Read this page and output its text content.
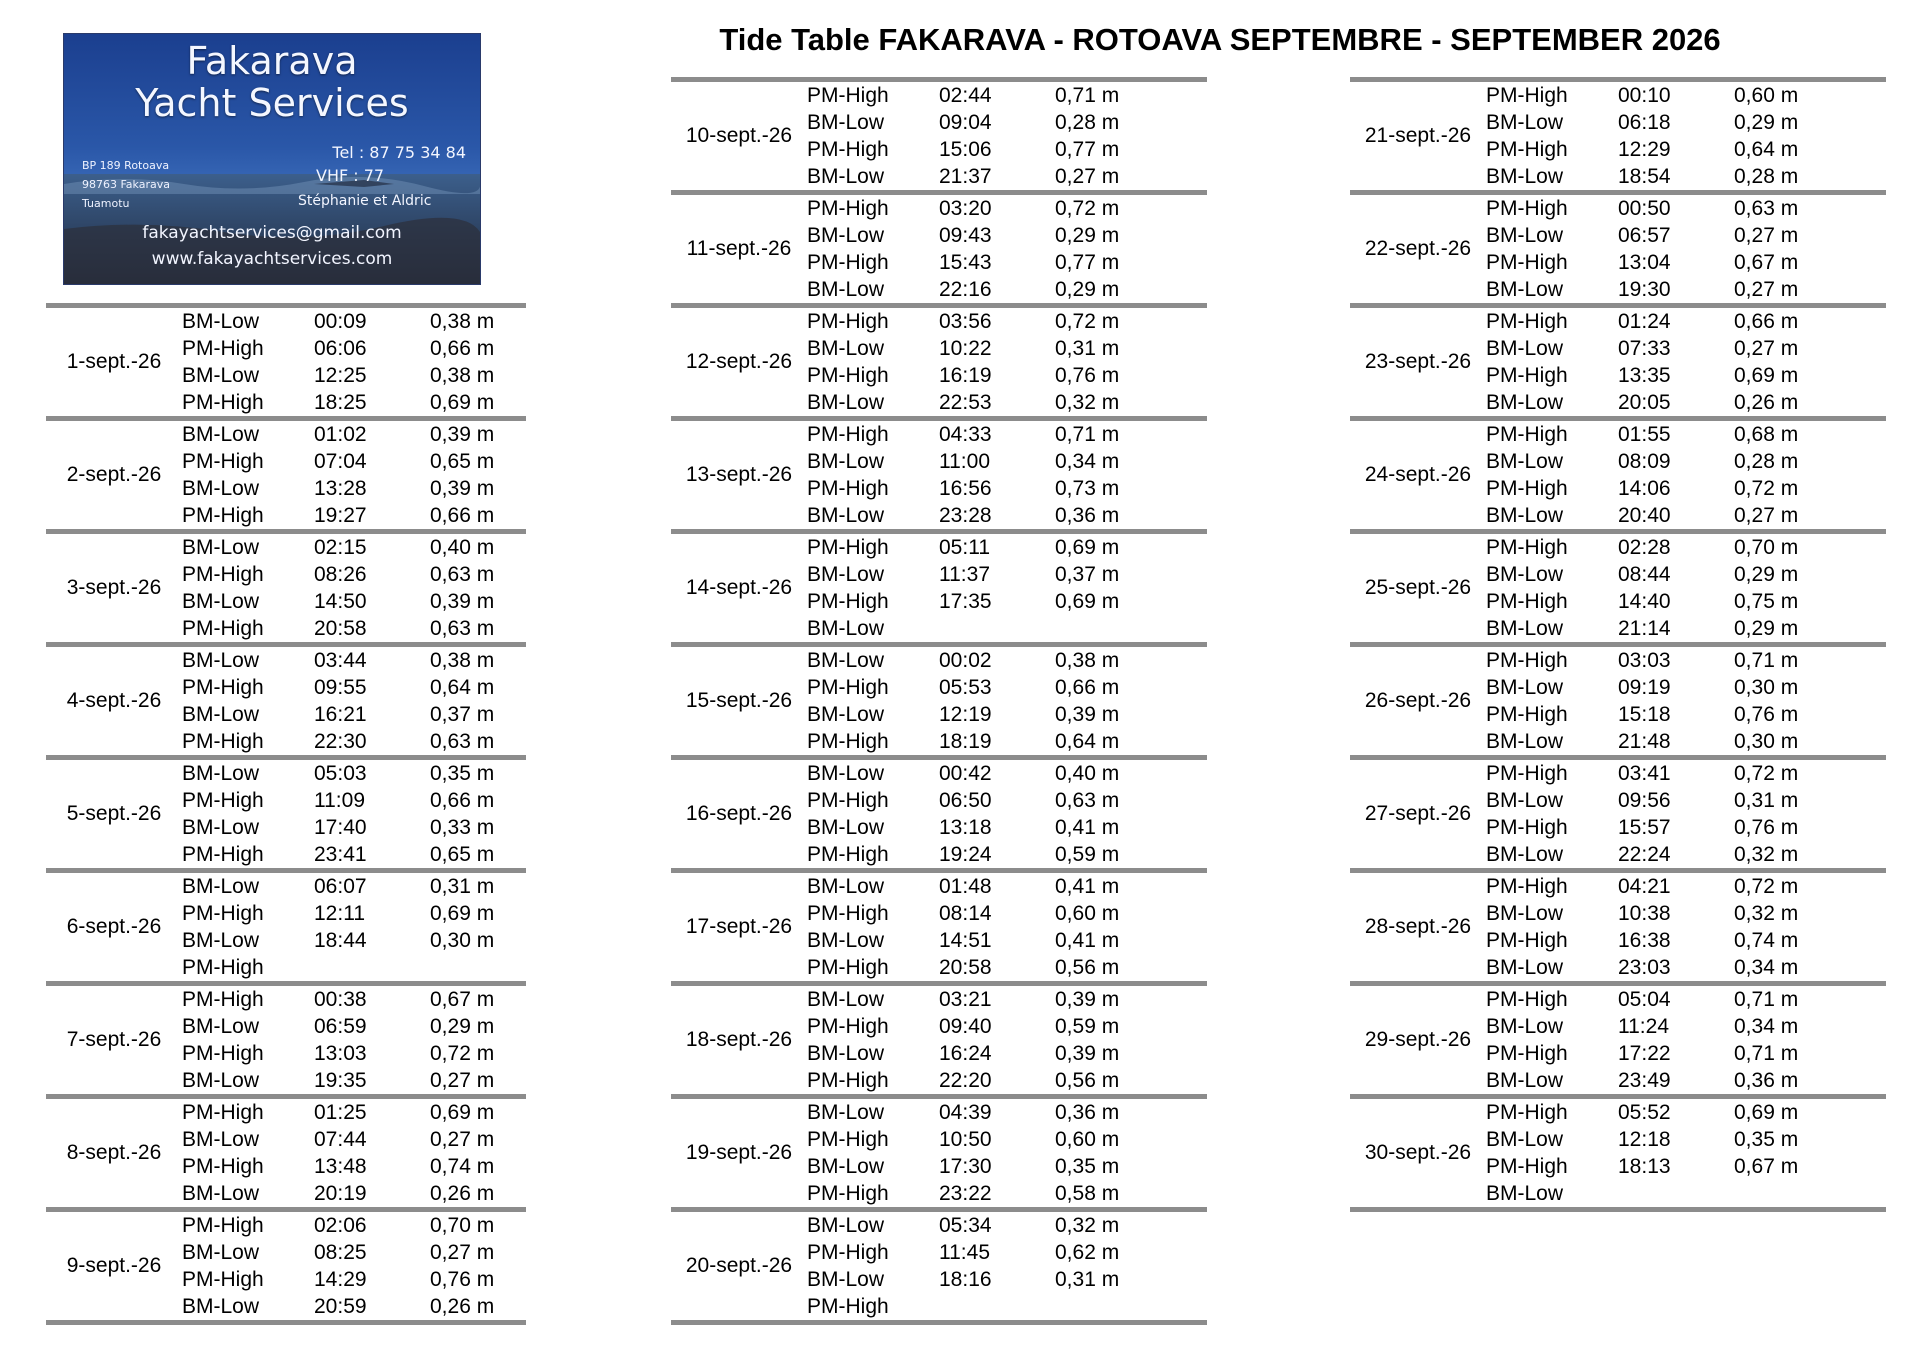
Tide Table FAKARAVA - ROTOAVA SEPTEMBRE - SEPTEMBER 2026
Fakarava
Yacht Services
BP 189 Rotoava
98763 Fakarava
Tuamotu
Tel : 87 75 34 84
VHF : 77
Stéphanie et Aldric
fakayachtservices@gmail.com
www.fakayachtservices.com
1-sept.-26
BM-Low	00:09	0,38 m
PM-High 06:06	0,66 m
BM-Low	12:25	0,38 m
PM-High 18:25	0,69 m
2-sept.-26
BM-Low	01:02	0,39 m
PM-High 07:04	0,65 m
BM-Low	13:28	0,39 m
PM-High 19:27	0,66 m
3-sept.-26
BM-Low	02:15	0,40 m
PM-High 08:26	0,63 m
BM-Low	14:50	0,39 m
PM-High 20:58	0,63 m
4-sept.-26
BM-Low	03:44	0,38 m
PM-High 09:55	0,64 m
BM-Low	16:21	0,37 m
PM-High 22:30	0,63 m
5-sept.-26
BM-Low	05:03	0,35 m
PM-High 11:09	0,66 m
BM-Low	17:40	0,33 m
PM-High 23:41	0,65 m
6-sept.-26
BM-Low	06:07	0,31 m
PM-High 12:11	0,69 m
BM-Low	18:44	0,30 m
PM-High
7-sept.-26
PM-High 00:38	0,67 m
BM-Low	06:59	0,29 m
PM-High 13:03	0,72 m
BM-Low	19:35	0,27 m
8-sept.-26
PM-High 01:25	0,69 m
BM-Low	07:44	0,27 m
PM-High 13:48	0,74 m
BM-Low	20:19	0,26 m
9-sept.-26
PM-High 02:06	0,70 m
BM-Low	08:25	0,27 m
PM-High 14:29	0,76 m
BM-Low	20:59	0,26 m
10-sept.-26
PM-High 02:44	0,71 m
BM-Low	09:04	0,28 m
PM-High 15:06	0,77 m
BM-Low	21:37	0,27 m
11-sept.-26
PM-High 03:20	0,72 m
BM-Low	09:43	0,29 m
PM-High 15:43	0,77 m
BM-Low	22:16	0,29 m
12-sept.-26
PM-High 03:56	0,72 m
BM-Low	10:22	0,31 m
PM-High 16:19	0,76 m
BM-Low	22:53	0,32 m
13-sept.-26
PM-High 04:33	0,71 m
BM-Low	11:00	0,34 m
PM-High 16:56	0,73 m
BM-Low	23:28	0,36 m
14-sept.-26
PM-High 05:11	0,69 m
BM-Low	11:37	0,37 m
PM-High 17:35	0,69 m
BM-Low
15-sept.-26
BM-Low	00:02	0,38 m
PM-High 05:53	0,66 m
BM-Low	12:19	0,39 m
PM-High 18:19	0,64 m
16-sept.-26
BM-Low	00:42	0,40 m
PM-High 06:50	0,63 m
BM-Low	13:18	0,41 m
PM-High 19:24	0,59 m
17-sept.-26
BM-Low	01:48	0,41 m
PM-High 08:14	0,60 m
BM-Low	14:51	0,41 m
PM-High 20:58	0,56 m
18-sept.-26
BM-Low	03:21	0,39 m
PM-High 09:40	0,59 m
BM-Low	16:24	0,39 m
PM-High 22:20	0,56 m
19-sept.-26
BM-Low	04:39	0,36 m
PM-High 10:50	0,60 m
BM-Low	17:30	0,35 m
PM-High 23:22	0,58 m
20-sept.-26
BM-Low	05:34	0,32 m
PM-High 11:45	0,62 m
BM-Low	18:16	0,31 m
PM-High
21-sept.-26
PM-High 00:10	0,60 m
BM-Low	06:18	0,29 m
PM-High 12:29	0,64 m
BM-Low	18:54	0,28 m
22-sept.-26
PM-High 00:50	0,63 m
BM-Low	06:57	0,27 m
PM-High 13:04	0,67 m
BM-Low	19:30	0,27 m
23-sept.-26
PM-High 01:24	0,66 m
BM-Low	07:33	0,27 m
PM-High 13:35	0,69 m
BM-Low	20:05	0,26 m
24-sept.-26
PM-High 01:55	0,68 m
BM-Low	08:09	0,28 m
PM-High 14:06	0,72 m
BM-Low	20:40	0,27 m
25-sept.-26
PM-High 02:28	0,70 m
BM-Low	08:44	0,29 m
PM-High 14:40	0,75 m
BM-Low	21:14	0,29 m
26-sept.-26
PM-High 03:03	0,71 m
BM-Low	09:19	0,30 m
PM-High 15:18	0,76 m
BM-Low	21:48	0,30 m
27-sept.-26
PM-High 03:41	0,72 m
BM-Low	09:56	0,31 m
PM-High 15:57	0,76 m
BM-Low	22:24	0,32 m
28-sept.-26
PM-High 04:21	0,72 m
BM-Low	10:38	0,32 m
PM-High 16:38	0,74 m
BM-Low	23:03	0,34 m
29-sept.-26
PM-High 05:04	0,71 m
BM-Low	11:24	0,34 m
PM-High 17:22	0,71 m
BM-Low	23:49	0,36 m
30-sept.-26
PM-High 05:52	0,69 m
BM-Low	12:18	0,35 m
PM-High 18:13	0,67 m
BM-Low
